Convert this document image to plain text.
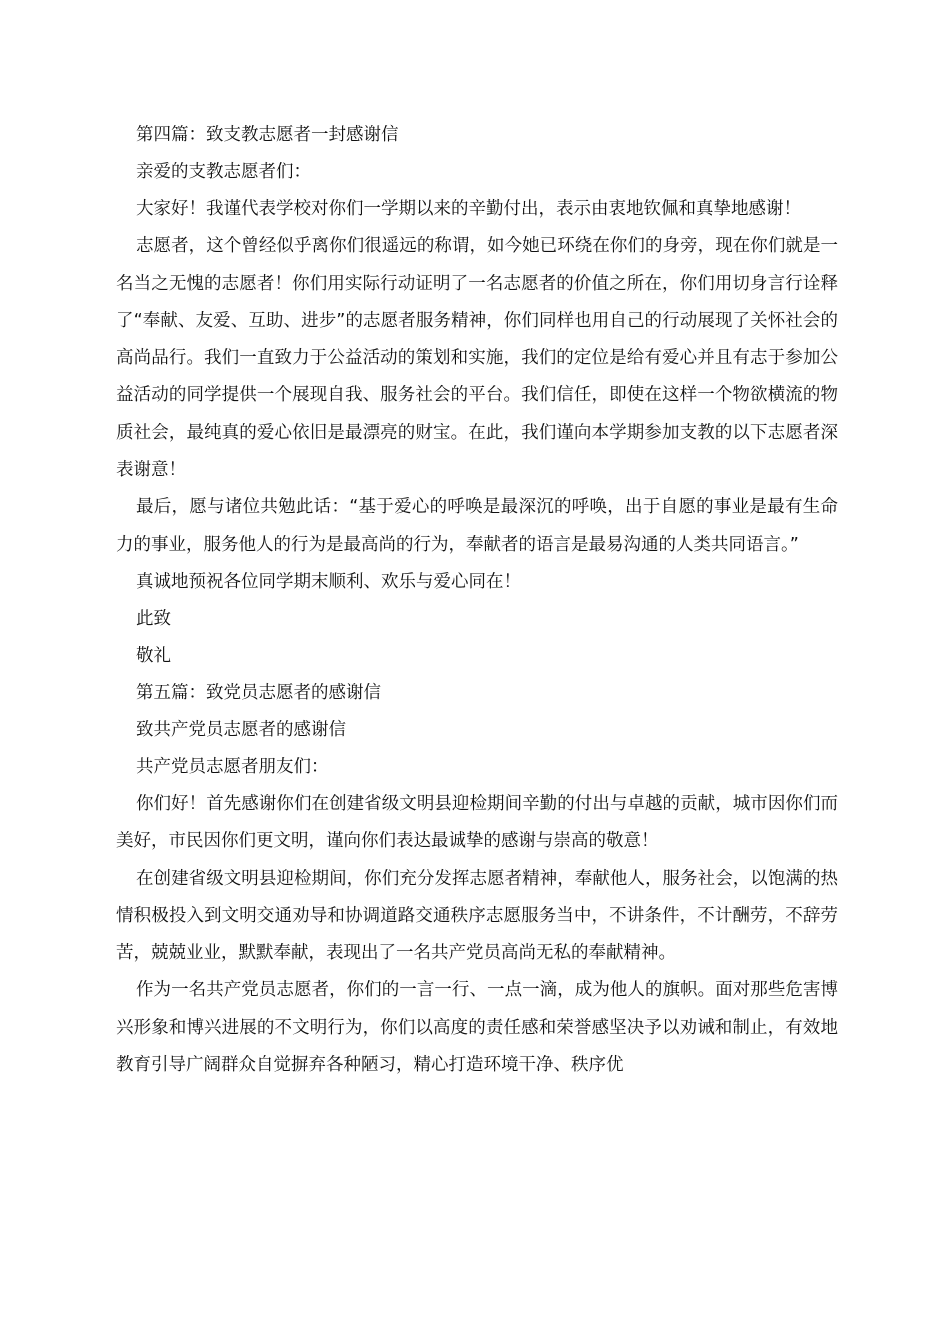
第四篇：致支教志愿者一封感谢信

亲爱的支教志愿者们：

大家好！我谨代表学校对你们一学期以来的辛勤付出，表示由衷地钦佩和真挚地感谢！

志愿者，这个曾经似乎离你们很遥远的称谓，如今她已环绕在你们的身旁，现在你们就是一名当之无愧的志愿者！你们用实际行动证明了一名志愿者的价值之所在，你们用切身言行诠释了“奉献、友爱、互助、进步”的志愿者服务精神，你们同样也用自己的行动展现了关怀社会的高尚品行。我们一直致力于公益活动的策划和实施，我们的定位是给有爱心并且有志于参加公益活动的同学提供一个展现自我、服务社会的平台。我们信任，即使在这样一个物欲横流的物质社会，最纯真的爱心依旧是最漂亮的财宝。在此，我们谨向本学期参加支教的以下志愿者深表谢意！

最后，愿与诸位共勉此话：“基于爱心的呼唤是最深沉的呼唤，出于自愿的事业是最有生命力的事业，服务他人的行为是最高尚的行为，奉献者的语言是最易沟通的人类共同语言。”

真诚地预祝各位同学期末顺利、欢乐与爱心同在！

此致

敬礼

第五篇：致党员志愿者的感谢信

致共产党员志愿者的感谢信

共产党员志愿者朋友们：

你们好！首先感谢你们在创建省级文明县迎检期间辛勤的付出与卓越的贡献，城市因你们而美好，市民因你们更文明，谨向你们表达最诚挚的感谢与崇高的敬意！

在创建省级文明县迎检期间，你们充分发挥志愿者精神，奉献他人，服务社会，以饱满的热情积极投入到文明交通劝导和协调道路交通秩序志愿服务当中，不讲条件，不计酬劳，不辞劳苦，兢兢业业，默默奉献，表现出了一名共产党员高尚无私的奉献精神。

作为一名共产党员志愿者，你们的一言一行、一点一滴，成为他人的旗帜。面对那些危害博兴形象和博兴进展的不文明行为，你们以高度的责任感和荣誉感坚决予以劝诫和制止，有效地教育引导广阔群众自觉摒弃各种陋习，精心打造环境干净、秩序优
